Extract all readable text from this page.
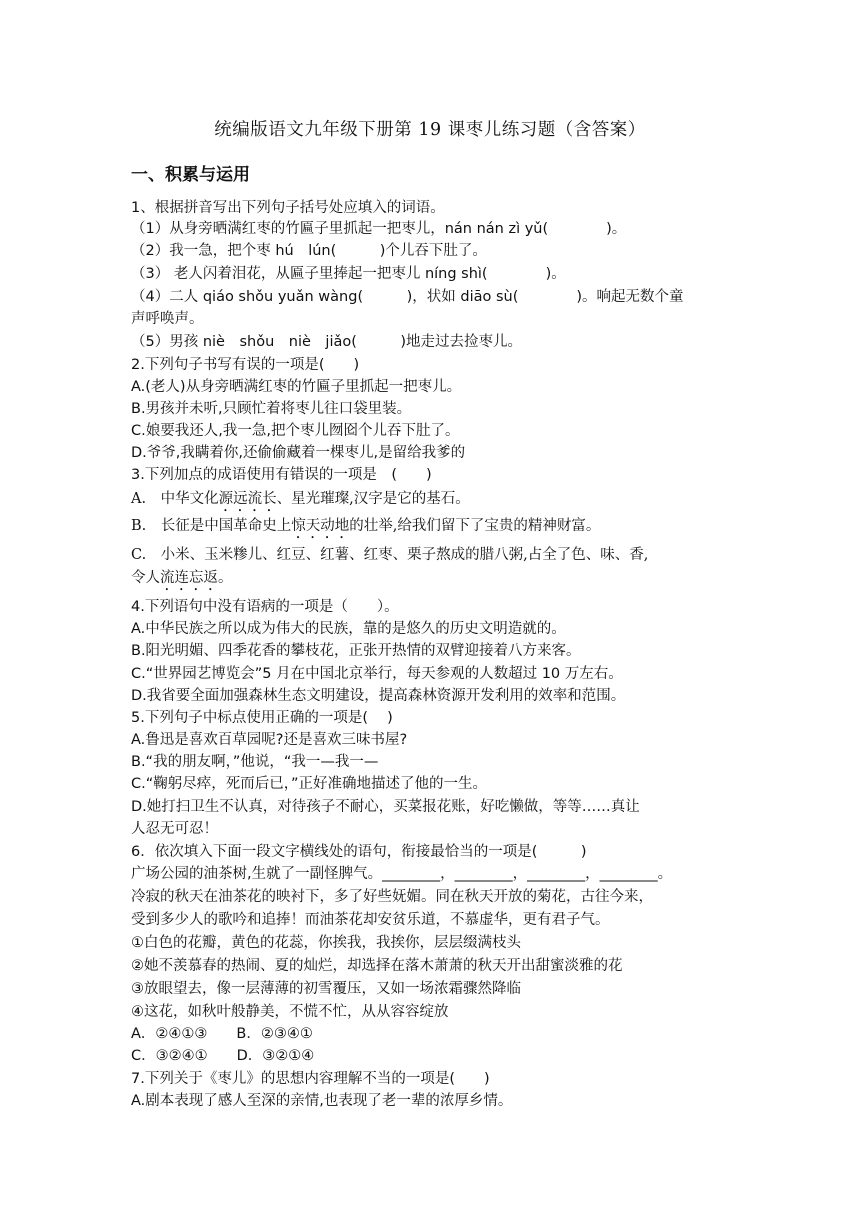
统编版语文九年级下册第 19 课枣儿练习题（含答案）
一、积累与运用
1、根据拼音写出下列句子括号处应填入的词语。
（1）从身旁晒满红枣的竹匾子里抓起一把枣儿，nán nán zì yǔ(　　　　)。
（2）我一急，把个枣 hú　lún(　　　)个儿吞下肚了。
（3） 老人闪着泪花，从匾子里捧起一把枣儿 níng shì(　　　　)。
（4）二人 qiáo shǒu yuǎn wàng(　　　)，状如 diāo sù(　　　　)。响起无数个童
声呼唤声。
（5）男孩 niè　shǒu　niè　jiǎo(　　　)地走过去捡枣儿。
2.下列句子书写有误的一项是(　　)
A.(老人)从身旁晒满红枣的竹匾子里抓起一把枣儿。
B.男孩并未听,只顾忙着将枣儿往口袋里装。
C.娘要我还人,我一急,把个枣儿囫囵个儿吞下肚了。
D.爷爷,我瞒着你,还偷偷藏着一棵枣儿,是留给我爹的
3.下列加点的成语使用有错误的一项是　(　　)
A.　中华文化源远流长、星光璀璨,汉字是它的基石。
B.　长征是中国革命史上惊天动地的壮举,给我们留下了宝贵的精神财富。
C.　小米、玉米糁儿、红豆、红薯、红枣、栗子熬成的腊八粥,占全了色、味、香,
令人流连忘返。
4.下列语句中没有语病的一项是（　　）。
A.中华民族之所以成为伟大的民族，靠的是悠久的历史文明造就的。
B.阳光明媚、四季花香的攀枝花，正张开热情的双臂迎接着八方来客。
C.“世界园艺博览会”5 月在中国北京举行，每天参观的人数超过 10 万左右。
D.我省要全面加强森林生态文明建设，提高森林资源开发利用的效率和范围。
5.下列句子中标点使用正确的一项是(　 )
A.鲁迅是喜欢百草园呢?还是喜欢三味书屋?
B.“我的朋友啊，”他说，“我一—我一—
C.“鞠躬尽瘁，死而后已，”正好准确地描述了他的一生。
D.她打扫卫生不认真，对待孩子不耐心，买菜报花账，好吃懒做，等等……真让
人忍无可忍！
6．依次填入下面一段文字横线处的语句，衔接最恰当的一项是(　　　)
广场公园的油茶树,生就了一副怪脾气。________，________，________，________。
冷寂的秋天在油茶花的映衬下，多了好些妩媚。同在秋天开放的菊花，古往今来，
受到多少人的歌吟和追捧！而油茶花却安贫乐道，不慕虚华，更有君子气。
①白色的花瓣，黄色的花蕊，你挨我，我挨你，层层缀满枝头
②她不羡慕春的热闹、夏的灿烂，却选择在落木萧萧的秋天开出甜蜜淡雅的花
③放眼望去，像一层薄薄的初雪覆压，又如一场浓霜骤然降临
④这花，如秋叶般静美，不慌不忙，从从容容绽放
A．②④①③　　B．②③④①
C．③②④①　　D．③②①④
7.下列关于《枣儿》的思想内容理解不当的一项是(　　)
A.剧本表现了感人至深的亲情,也表现了老一辈的浓厚乡情。
